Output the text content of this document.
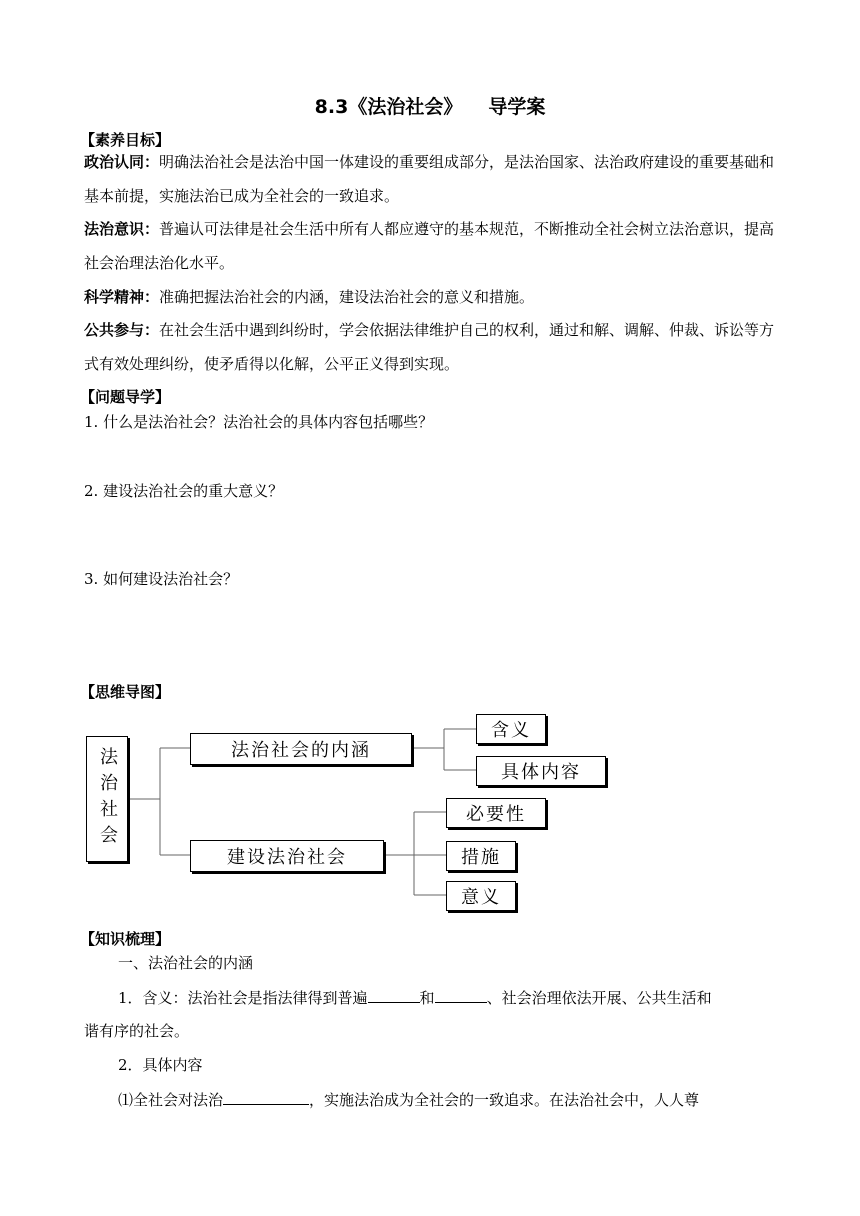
8.3《法治社会》 导学案
【素养目标】
政治认同：明确法治社会是法治中国一体建设的重要组成部分，是法治国家、法治政府建设的重要基础和基本前提，实施法治已成为全社会的一致追求。
法治意识：普遍认可法律是社会生活中所有人都应遵守的基本规范，不断推动全社会树立法治意识，提高社会治理法治化水平。
科学精神：准确把握法治社会的内涵，建设法治社会的意义和措施。
公共参与：在社会生活中遇到纠纷时，学会依据法律维护自己的权利，通过和解、调解、仲裁、诉讼等方式有效处理纠纷，使矛盾得以化解，公平正义得到实现。
【问题导学】
1. 什么是法治社会？法治社会的具体内容包括哪些？
2. 建设法治社会的重大意义？
3. 如何建设法治社会？
【思维导图】
法治社会	法治社会的内涵
含义
具体内容
建设法治社会
必要性
措施
意义
【知识梳理】
一、法治社会的内涵
1．含义：法治社会是指法律得到普遍	和	、社会治理依法开展、公共生活和
谐有序的社会。
2．具体内容
⑴全社会对法治	，实施法治成为全社会的一致追求。在法治社会中，人人尊
